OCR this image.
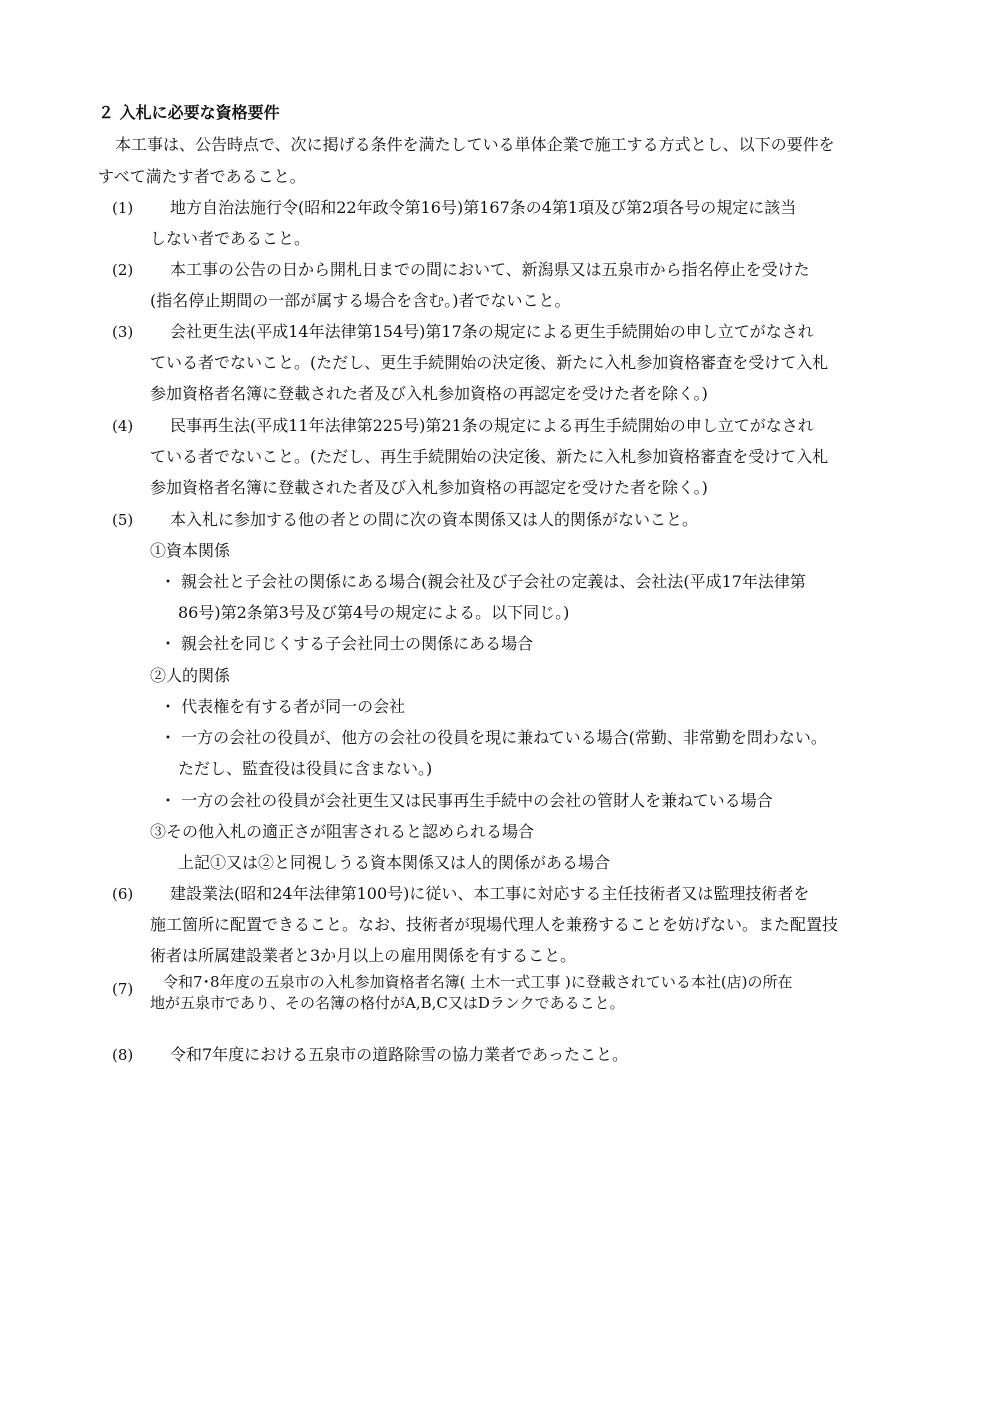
２ 入札に必要な資格要件
本工事は、公告時点で、次に掲げる条件を満たしている単体企業で施工する方式とし、以下の要件を
すべて満たす者であること。
(1) 地方自治法施行令(昭和22年政令第16号)第167条の4第1項及び第2項各号の規定に該当
しない者であること。
(2) 本工事の公告の日から開札日までの間において、新潟県又は五泉市から指名停止を受けた
(指名停止期間の一部が属する場合を含む。)者でないこと。
(3) 会社更生法(平成14年法律第154号)第17条の規定による更生手続開始の申し立てがなされ
ている者でないこと。(ただし、更生手続開始の決定後、新たに入札参加資格審査を受けて入札
参加資格者名簿に登載された者及び入札参加資格の再認定を受けた者を除く。)
(4) 民事再生法(平成11年法律第225号)第21条の規定による再生手続開始の申し立てがなされ
ている者でないこと。(ただし、再生手続開始の決定後、新たに入札参加資格審査を受けて入札
参加資格者名簿に登載された者及び入札参加資格の再認定を受けた者を除く。)
(5) 本入札に参加する他の者との間に次の資本関係又は人的関係がないこと。
①資本関係
・ 親会社と子会社の関係にある場合(親会社及び子会社の定義は、会社法(平成17年法律第
86号)第2条第3号及び第4号の規定による。以下同じ。)
・ 親会社を同じくする子会社同士の関係にある場合
②人的関係
・ 代表権を有する者が同一の会社
・ 一方の会社の役員が、他方の会社の役員を現に兼ねている場合(常勤、非常勤を問わない。
ただし、監査役は役員に含まない。)
・ 一方の会社の役員が会社更生又は民事再生手続中の会社の管財人を兼ねている場合
③その他入札の適正さが阻害されると認められる場合
上記①又は②と同視しうる資本関係又は人的関係がある場合
(6) 建設業法(昭和24年法律第100号)に従い、本工事に対応する主任技術者又は監理技術者を
施工箇所に配置できること。なお、技術者が現場代理人を兼務することを妨げない。また配置技
術者は所属建設業者と3か月以上の雇用関係を有すること。
(7) 令和7･8年度の五泉市の入札参加資格者名簿( 土木一式工事 )に登載されている本社(店)の所在
地が五泉市であり、その名簿の格付がA,B,C又はDランクであること。
(8) 令和7年度における五泉市の道路除雪の協力業者であったこと。
